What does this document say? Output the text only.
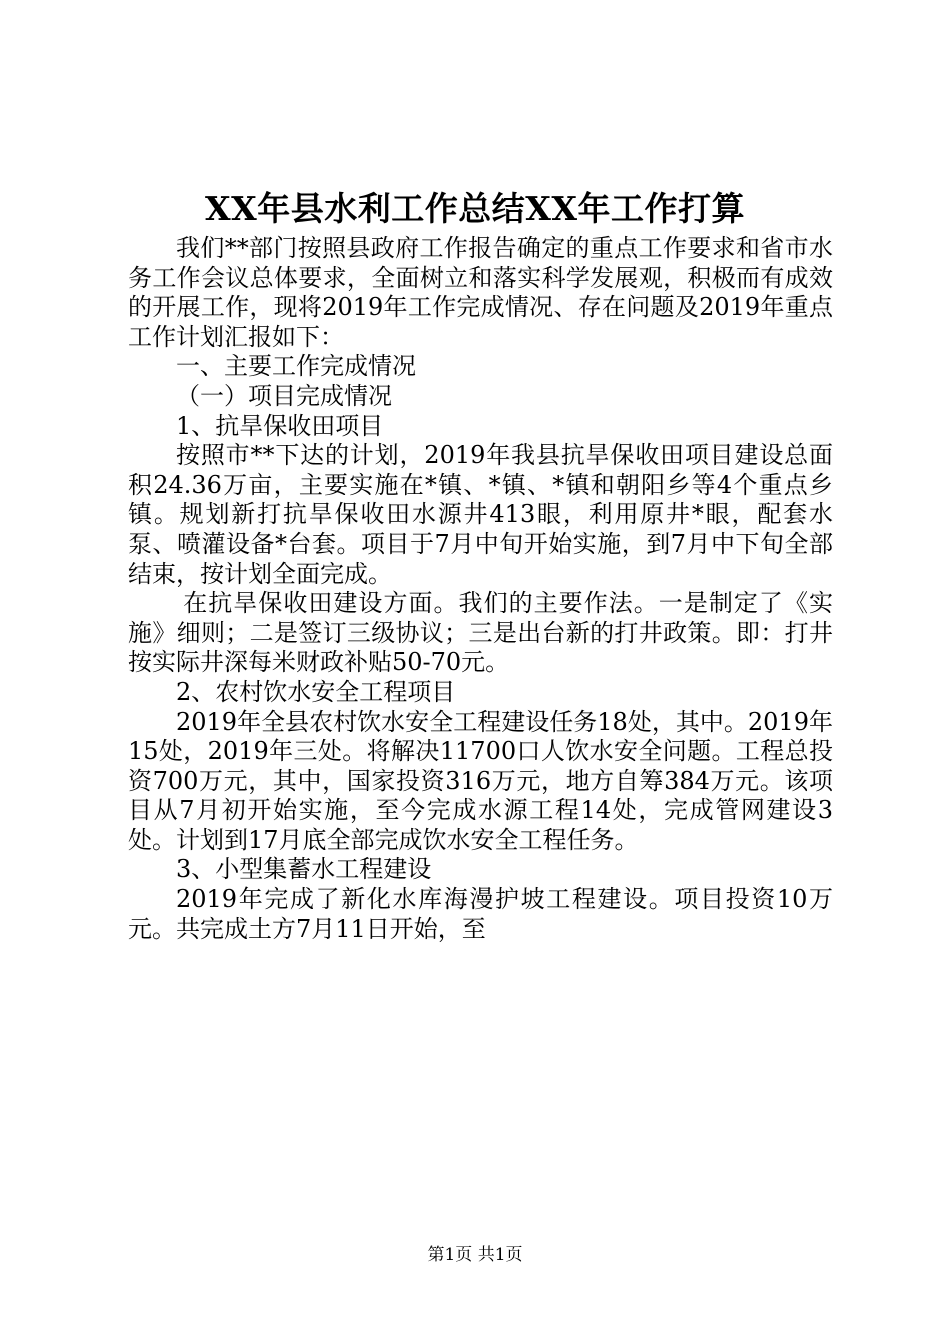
XX年县水利工作总结XX年工作打算

我们**部门按照县政府工作报告确定的重点工作要求和省市水务工作会议总体要求，全面树立和落实科学发展观，积极而有成效的开展工作，现将2019年工作完成情况、存在问题及2019年重点工作计划汇报如下：

一、主要工作完成情况

（一）项目完成情况

1、抗旱保收田项目

按照市**下达的计划，2019年我县抗旱保收田项目建设总面积24.36万亩，主要实施在*镇、*镇、*镇和朝阳乡等4个重点乡镇。规划新打抗旱保收田水源井413眼，利用原井*眼，配套水泵、喷灌设备*台套。项目于7月中旬开始实施，到7月中下旬全部结束，按计划全面完成。

在抗旱保收田建设方面。我们的主要作法。一是制定了《实施》细则；二是签订三级协议；三是出台新的打井政策。即：打井按实际井深每米财政补贴50-70元。

2、农村饮水安全工程项目

2019年全县农村饮水安全工程建设任务18处，其中。2019年15处，2019年三处。将解决11700口人饮水安全问题。工程总投资700万元，其中，国家投资316万元，地方自筹384万元。该项目从7月初开始实施，至今完成水源工程14处，完成管网建设3处。计划到17月底全部完成饮水安全工程任务。

3、小型集蓄水工程建设

2019年完成了新化水库海漫护坡工程建设。项目投资10万元。共完成土方7月11日开始，至

第1页 共1页
